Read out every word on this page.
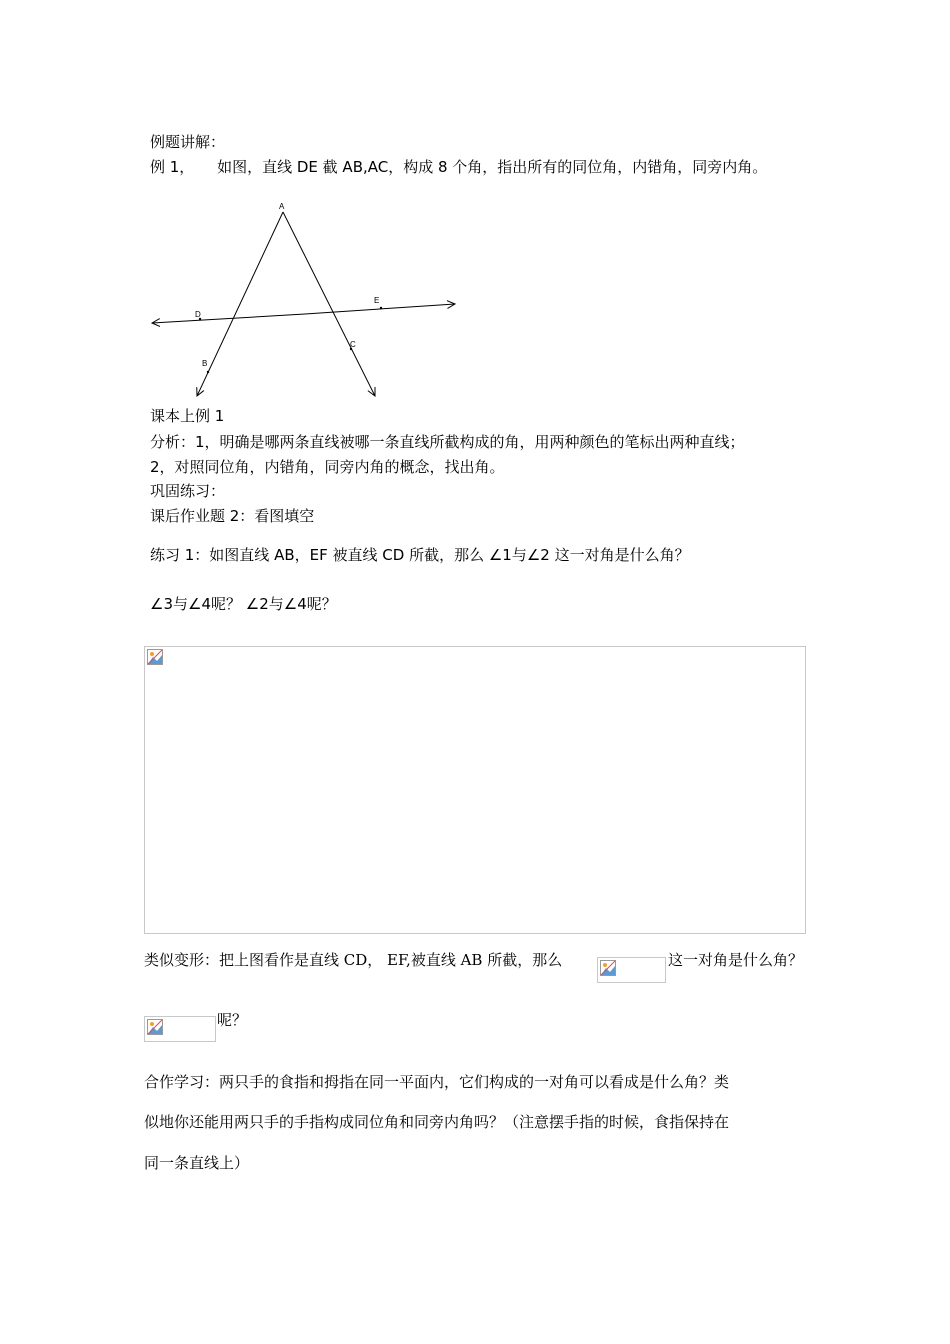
例题讲解：
例 1， 如图，直线 DE 截 AB,AC，构成 8 个角，指出所有的同位角，内错角，同旁内角。
A
D
E
B
C
课本上例 1
分析：1，明确是哪两条直线被哪一条直线所截构成的角，用两种颜色的笔标出两种直线；
2，对照同位角，内错角，同旁内角的概念，找出角。
巩固练习：
课后作业题 2：看图填空
练习 1：如图直线 AB，EF 被直线 CD 所截，那么 ∠1与∠2 这一对角是什么角？
∠3与∠4呢？ ∠2与∠4呢？
类似变形：把上图看作是直线 CD， EF,被直线 AB 所截，那么	这一对角是什么角？
呢？
合作学习：两只手的食指和拇指在同一平面内，它们构成的一对角可以看成是什么角？类
似地你还能用两只手的手指构成同位角和同旁内角吗？（注意摆手指的时候，食指保持在
同一条直线上）
